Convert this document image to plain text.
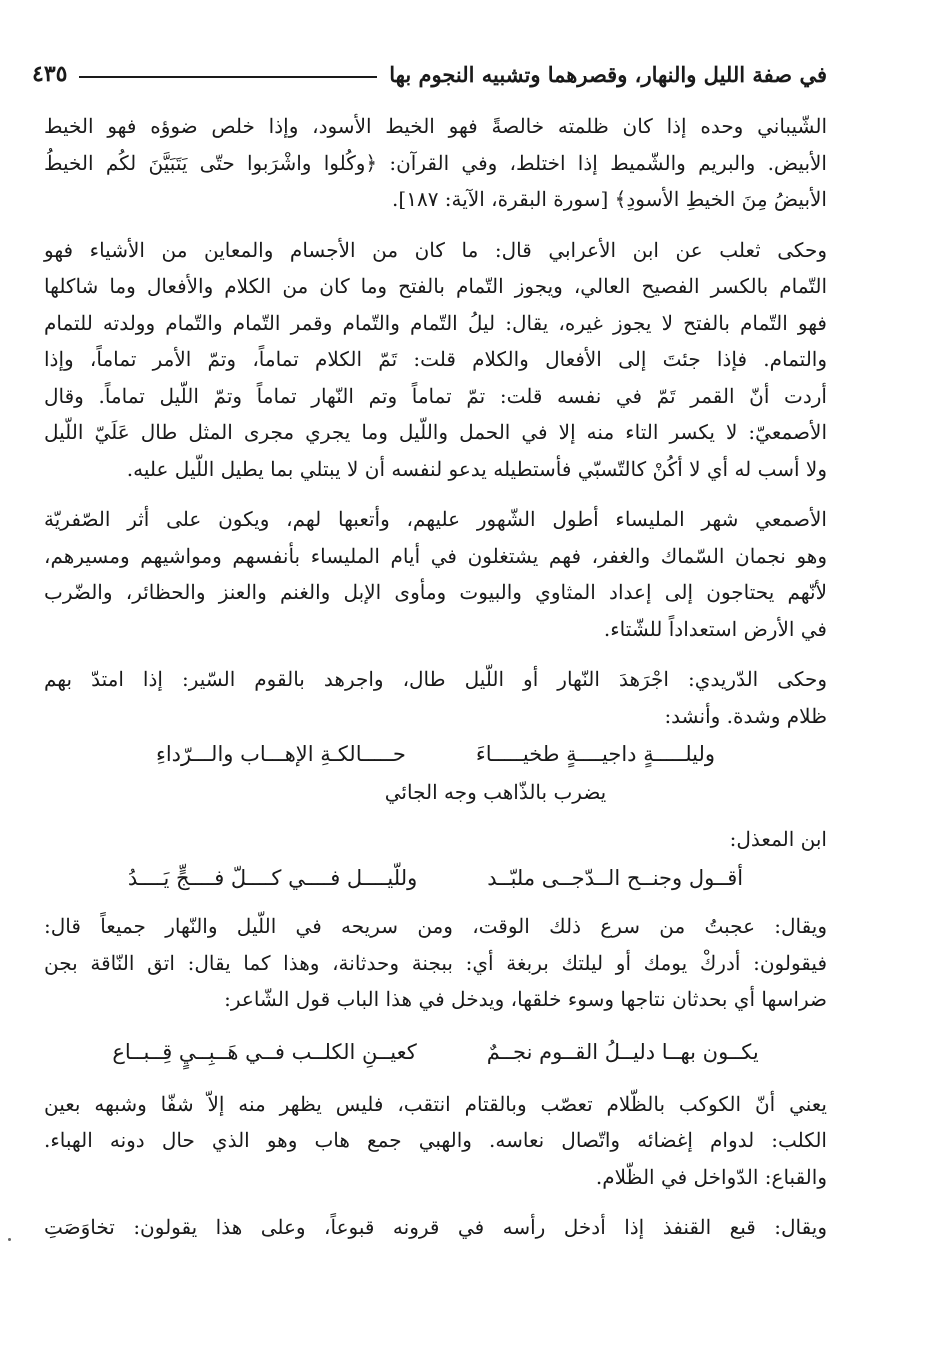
في صفة الليل والنهار، وقصرهما وتشبيه النجوم بها
٤٣٥

الشّيباني وحده إذا كان ظلمته خالصةً فهو الخيط الأسود، وإذا خلص ضوؤه فهو الخيط
الأبيض. والبريم والشّميط إذا اختلط، وفي القرآن: ﴿وكُلوا واشْرَبوا حتّى يَتَبَيَّنَ لكُم الخيطُ
الأبيضُ مِنَ الخيطِ الأسودِ﴾ [سورة البقرة، الآية: ١٨٧].

وحكى ثعلب عن ابن الأعرابي قال: ما كان من الأجسام والمعاين من الأشياء فهو
التّمام بالكسر الفصيح العالي، ويجوز التّمام بالفتح وما كان من الكلام والأفعال وما شاكلها
فهو التّمام بالفتح لا يجوز غيره، يقال: ليلُ التّمام والتّمام وقمر التّمام والتّمام وولدته للتمام
والتمام. فإذا جئتَ إلى الأفعال والكلام قلت: تَمّ الكلام تماماً، وتمّ الأمر تماماً، وإذا
أردت أنّ القمر تَمّ في نفسه قلت: تمّ تماماً وتم النّهار تماماً وتمّ اللّيل تماماً. وقال
الأصمعيّ: لا يكسر التاء منه إلا في الحمل واللّيل وما يجري مجرى المثل طال عَلَيّ اللّيل
ولا أسب له أي لا أكُنْ كالتّسبّي فأستطيله يدعو لنفسه أن لا يبتلي بما يطيل اللّيل عليه.

الأصمعي شهر المليساء أطول الشّهور عليهم، وأتعبها لهم، ويكون على أثر الصّفريّة
وهو نجمان السّماك والغفر، فهم يشتغلون في أيام المليساء بأنفسهم ومواشيهم ومسيرهم،
لأنّهم يحتاجون إلى إعداد المثاوي والبيوت ومأوى الإبل والغنم والعنز والحظائر، والضّرب
في الأرض استعداداً للشّتاء.

وحكى الدّريدي: اجْرَهدَ النّهار أو اللّيل طال، واجرهد بالقوم السّير: إذا امتدّ بهم
ظلام وشدة. وأنشد:

وليلـــــةٍ داجيــــةٍ طخيـــــاءَ
حـــــالكـةِ الإهـــاب والـــرّداءِ
يضرب بالذّاهب وجه الجائي
ابن المعذل:
أقــول وجنــح الــدّجــى ملبّــد
وللّيــــل فــــي كــــلّ فــــجٍّ يَــــدُ

ويقال: عجبتُ من سرع ذلك الوقت، ومن سريحه في اللّيل والنّهار جميعاً قال:
فيقولون: أدركْ يومك أو ليلتك بربغة أي: ببجنة وحدثانة، وهذا كما يقال: اتق النّاقة بجن
ضراسها أي بحدثان نتاجها وسوء خلقها، ويدخل في هذا الباب قول الشّاعر:

يكــون بهــا دليــلُ القــوم نجــمٌ
كعيــنِ الكلــب فــي هَــبِــيٍ قِــبــاع

يعني أنّ الكوكب بالظّلام تعصّب وبالقتام انتقب، فليس يظهر منه إلاّ شفّا وشبهه بعين
الكلب: لدوام إغضائه واتّصال نعاسه. والهبي جمع هاب وهو الذي حال دونه الهباء.
والقباع: الدّواخل في الظّلام.

ويقال: قبع القنفذ إذا أدخل رأسه في قرونه قبوعاً، وعلى هذا يقولون: تخاوَصَتِ
